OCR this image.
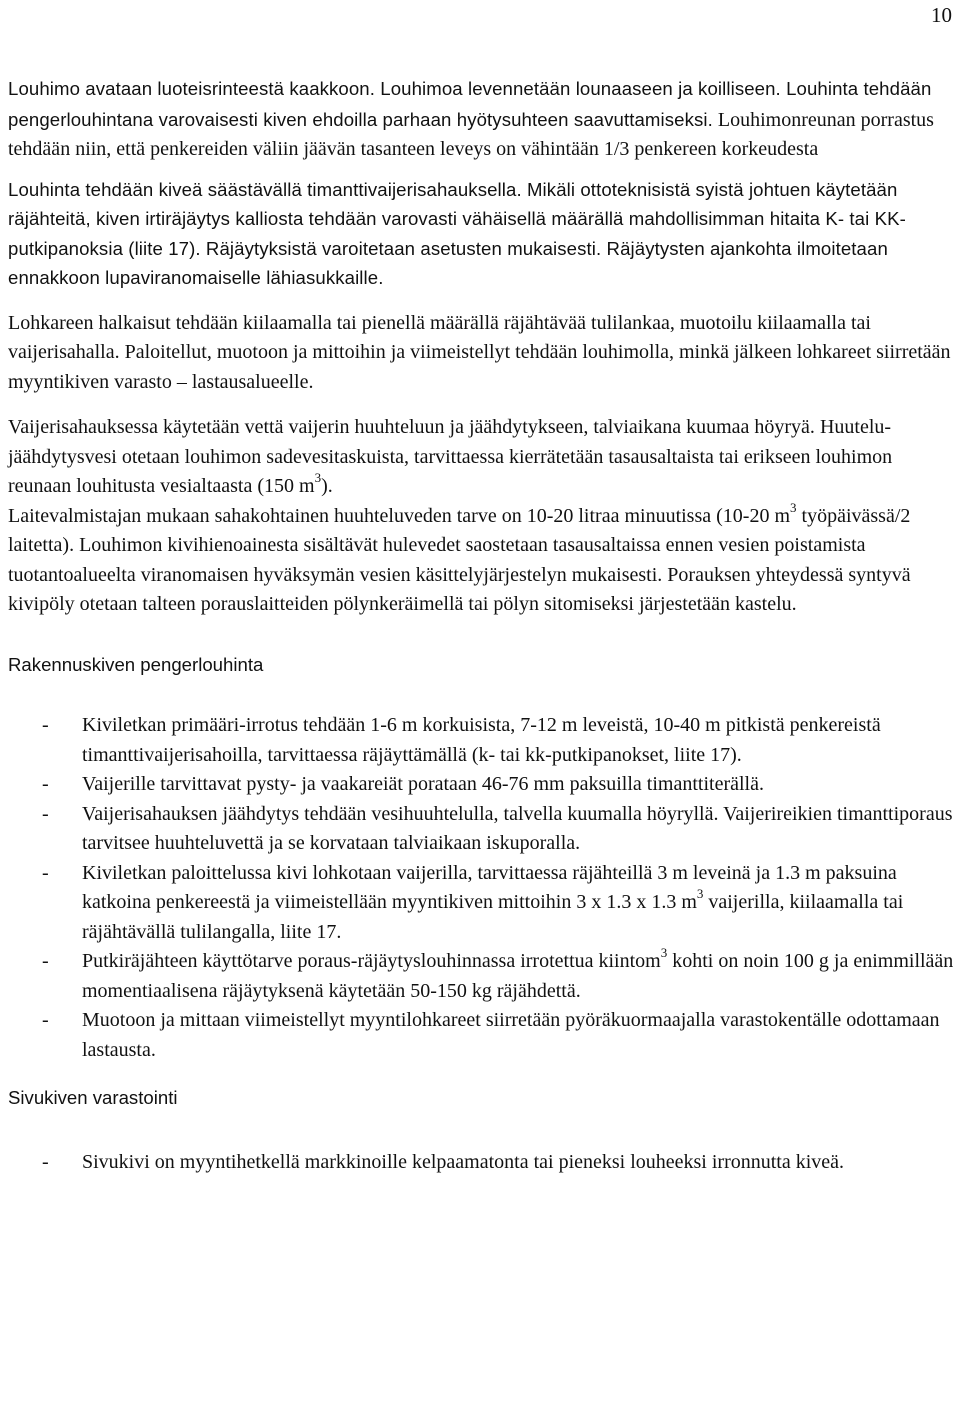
10

Louhimo avataan luoteisrinteestä kaakkoon. Louhimoa levennetään lounaaseen ja koilliseen. Louhinta tehdään pengerlouhintana varovaisesti kiven ehdoilla parhaan hyötysuhteen saavuttamiseksi. Louhimonreunan porrastus tehdään niin, että penkereiden väliin jäävän tasanteen leveys on vähintään 1/3 penkereen korkeudesta

Louhinta tehdään kiveä säästävällä timanttivaijerisahauksella. Mikäli ottoteknisistä syistä johtuen käytetään räjähteitä, kiven irtiräjäytys kalliosta tehdään varovasti vähäisellä määrällä mahdollisimman hitaita K- tai KK- putkipanoksia (liite 17). Räjäytyksistä varoitetaan asetusten mukaisesti. Räjäytysten ajankohta ilmoitetaan ennakkoon lupaviranomaiselle lähiasukkaille.

Lohkareen halkaisut tehdään kiilaamalla tai pienellä määrällä räjähtävää tulilankaa, muotoilu kiilaamalla tai vaijerisahalla. Paloitellut, muotoon ja mittoihin ja viimeistellyt tehdään louhimolla, minkä jälkeen lohkareet siirretään myyntikiven varasto – lastausalueelle.

Vaijerisahauksessa käytetään vettä vaijerin huuhteluun ja jäähdytykseen, talviaikana kuumaa höyryä. Huutelu- jäähdytysvesi otetaan louhimon sadevesitaskuista, tarvittaessa kierrätetään tasausaltaista tai erikseen louhimon reunaan louhitusta vesialtaasta (150 $m^3$).

Laitevalmistajan mukaan sahakohtainen huuhteluveden tarve on 10-20 litraa minuutissa (10-20 $m^3$ työpäivässä/2 laitetta). Louhimon kivihienoainesta sisältävät hulevedet saostetaan tasausaltaissa ennen vesien poistamista tuotantoalueelta viranomaisen hyväksymän vesien käsittelyjärjestelyn mukaisesti. Porauksen yhteydessä syntyvä kivipöly otetaan talteen porauslaitteiden pölynkeräimellä tai pölyn sitomiseksi järjestetään kastelu.

Rakennuskiven pengerlouhinta

- Kiviletkan primääri-irrotus tehdään 1-6 m korkuisista, 7-12 m leveistä, 10-40 m pitkistä penkereistä timanttivaijerisahoilla, tarvittaessa räjäyttämällä (k- tai kk-putkipanokset, liite 17).
- Vaijerille tarvittavat pysty- ja vaakareiät porataan 46-76 mm paksuilla timanttiterällä.
- Vaijerisahauksen jäähdytys tehdään vesihuuhtelulla, talvella kuumalla höyryllä. Vaijerireikien timanttiporaus tarvitsee huuhteluvettä ja se korvataan talviaikaan iskuporalla.
- Kiviletkan paloittelussa kivi lohkotaan vaijerilla, tarvittaessa räjähteillä 3 m leveinä ja 1.3 m paksuina katkoina penkereestä ja viimeistellään myyntikiven mittoihin 3 x 1.3 x 1.3 $m^3$ vaijerilla, kiilaamalla tai räjähtävällä tulilangalla, liite 17.
- Putkiräjähteen käyttötarve poraus-räjäytyslouhinnassa irrotettua kiintom$^3$ kohti on noin 100 g ja enimmillään momentiaalisena räjäytyksenä käytetään 50-150 kg räjähdettä.
- Muotoon ja mittaan viimeistellyt myyntilohkareet siirretään pyöräkuormaajalla varastokentälle odottamaan lastausta.

Sivukiven varastointi

- Sivukivi on myyntihetkellä markkinoille kelpaamatonta tai pieneksi louheeksi irronnutta kiveä.
